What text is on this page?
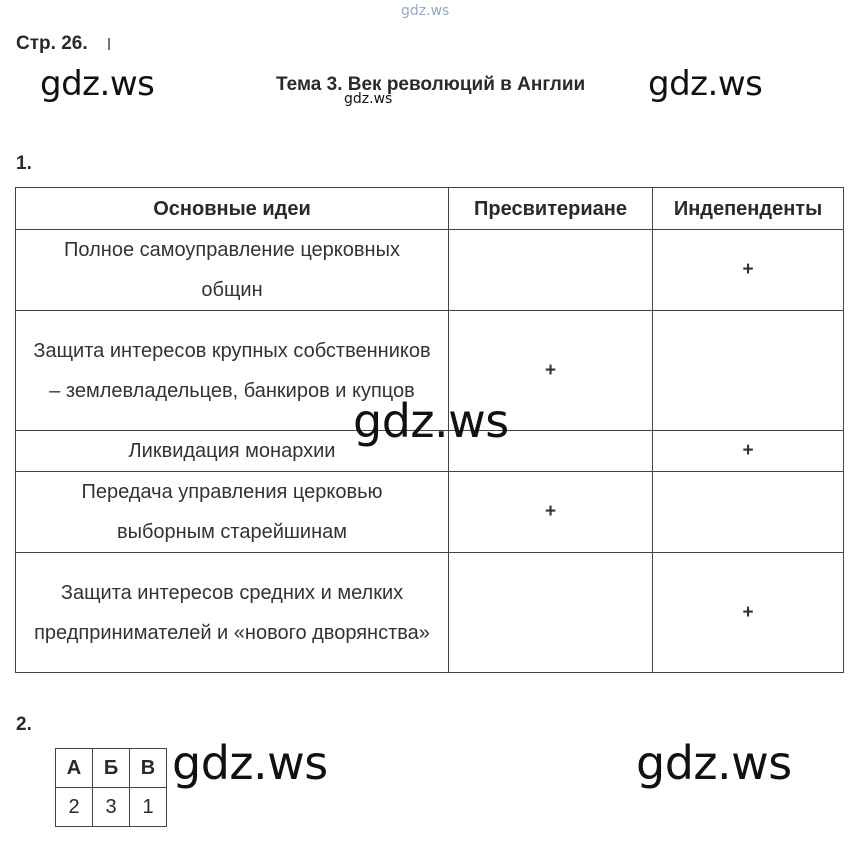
gdz.ws
Стр. 26.
gdz.ws	Тема 3. Век революций в Англии gdz.ws
gdz.ws
1.
Основные идеи	Пресвитериане	Индепенденты

Полное самоуправление церковных общин		+

Защита интересов крупных собственников – землевладельцев, банкиров и купцов	+	

Ликвидация монархии		+

Передача управления церковью выборным старейшинам	+	

Защита интересов средних и мелких предпринимателей и «нового дворянства»		+
gdz.ws
2.
А	Б	В
2	3	1
gdz.ws	gdz.ws
